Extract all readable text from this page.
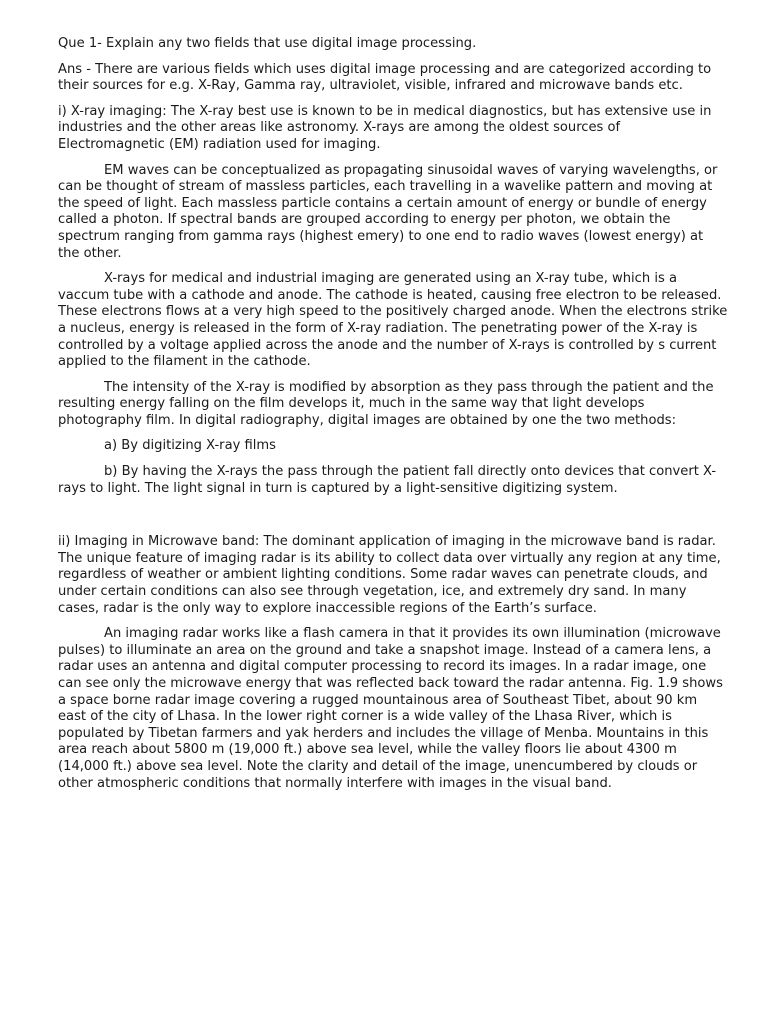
Que 1- Explain any two fields that use digital image processing.

Ans - There are various fields which uses digital image processing and are categorized according to their sources for e.g. X-Ray, Gamma ray, ultraviolet, visible, infrared and microwave bands etc.

i) X-ray imaging: The X-ray best use is known to be in medical diagnostics, but has extensive use in industries and the other areas like astronomy. X-rays are among the oldest sources of Electromagnetic (EM) radiation used for imaging.

EM waves can be conceptualized as propagating sinusoidal waves of varying wavelengths, or can be thought of stream of massless particles, each travelling in a wavelike pattern and moving at the speed of light. Each massless particle contains a certain amount of energy or bundle of energy called a photon. If spectral bands are grouped according to energy per photon, we obtain the spectrum ranging from gamma rays (highest emery) to one end to radio waves (lowest energy) at the other.

X-rays for medical and industrial imaging are generated using an X-ray tube, which is a vaccum tube with a cathode and anode. The cathode is heated, causing free electron to be released. These electrons flows at a very high speed to the positively charged anode. When the electrons strike a nucleus, energy is released in the form of X-ray radiation. The penetrating power of the X-ray is controlled by a voltage applied across the anode and the number of X-rays is controlled by s current applied to the filament in the cathode.

The intensity of the X-ray is modified by absorption as they pass through the patient and the resulting energy falling on the film develops it, much in the same way that light develops photography film. In digital radiography, digital images are obtained by one the two methods:

a) By digitizing X-ray films

b) By having the X-rays the pass through the patient fall directly onto devices that convert X-rays to light. The light signal in turn is captured by a light-sensitive digitizing system.

ii) Imaging in Microwave band: The dominant application of imaging in the microwave band is radar. The unique feature of imaging radar is its ability to collect data over virtually any region at any time, regardless of weather or ambient lighting conditions. Some radar waves can penetrate clouds, and under certain conditions can also see through vegetation, ice, and extremely dry sand. In many cases, radar is the only way to explore inaccessible regions of the Earth’s surface.

An imaging radar works like a flash camera in that it provides its own illumination (microwave pulses) to illuminate an area on the ground and take a snapshot image. Instead of a camera lens, a radar uses an antenna and digital computer processing to record its images. In a radar image, one can see only the microwave energy that was reflected back toward the radar antenna. Fig. 1.9 shows a space borne radar image covering a rugged mountainous area of Southeast Tibet, about 90 km east of the city of Lhasa. In the lower right corner is a wide valley of the Lhasa River, which is populated by Tibetan farmers and yak herders and includes the village of Menba. Mountains in this area reach about 5800 m (19,000 ft.) above sea level, while the valley floors lie about 4300 m (14,000 ft.) above sea level. Note the clarity and detail of the image, unencumbered by clouds or other atmospheric conditions that normally interfere with images in the visual band.
